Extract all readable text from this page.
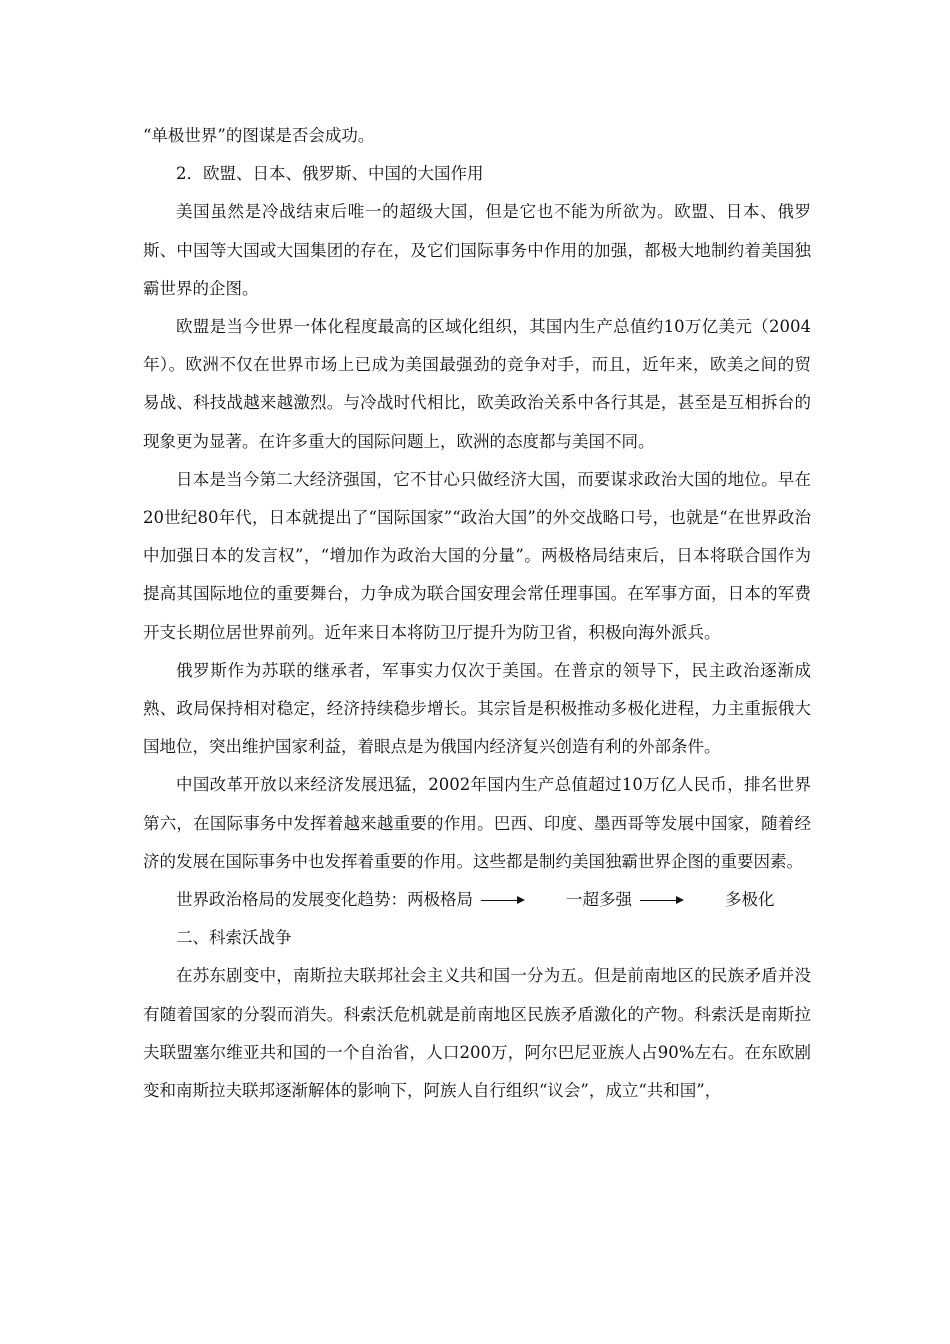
“单极世界”的图谋是否会成功。

2．欧盟、日本、俄罗斯、中国的大国作用

美国虽然是冷战结束后唯一的超级大国，但是它也不能为所欲为。欧盟、日本、俄罗斯、中国等大国或大国集团的存在，及它们国际事务中作用的加强，都极大地制约着美国独霸世界的企图。

欧盟是当今世界一体化程度最高的区域化组织，其国内生产总值约10万亿美元（2004年）。欧洲不仅在世界市场上已成为美国最强劲的竞争对手，而且，近年来，欧美之间的贸易战、科技战越来越激烈。与冷战时代相比，欧美政治关系中各行其是，甚至是互相拆台的现象更为显著。在许多重大的国际问题上，欧洲的态度都与美国不同。

日本是当今第二大经济强国，它不甘心只做经济大国，而要谋求政治大国的地位。早在20世纪80年代，日本就提出了“国际国家”“政治大国”的外交战略口号，也就是“在世界政治中加强日本的发言权”，“增加作为政治大国的分量”。两极格局结束后，日本将联合国作为提高其国际地位的重要舞台，力争成为联合国安理会常任理事国。在军事方面，日本的军费开支长期位居世界前列。近年来日本将防卫厅提升为防卫省，积极向海外派兵。

俄罗斯作为苏联的继承者，军事实力仅次于美国。在普京的领导下，民主政治逐渐成熟、政局保持相对稳定，经济持续稳步增长。其宗旨是积极推动多极化进程，力主重振俄大国地位，突出维护国家利益，着眼点是为俄国内经济复兴创造有利的外部条件。

中国改革开放以来经济发展迅猛，2002年国内生产总值超过10万亿人民币，排名世界第六，在国际事务中发挥着越来越重要的作用。巴西、印度、墨西哥等发展中国家，随着经济的发展在国际事务中也发挥着重要的作用。这些都是制约美国独霸世界企图的重要因素。

世界政治格局的发展变化趋势：两极格局	一超多强	多极化

二、科索沃战争

在苏东剧变中，南斯拉夫联邦社会主义共和国一分为五。但是前南地区的民族矛盾并没有随着国家的分裂而消失。科索沃危机就是前南地区民族矛盾激化的产物。科索沃是南斯拉夫联盟塞尔维亚共和国的一个自治省，人口200万，阿尔巴尼亚族人占90%左右。在东欧剧变和南斯拉夫联邦逐渐解体的影响下，阿族人自行组织“议会”，成立“共和国”，
